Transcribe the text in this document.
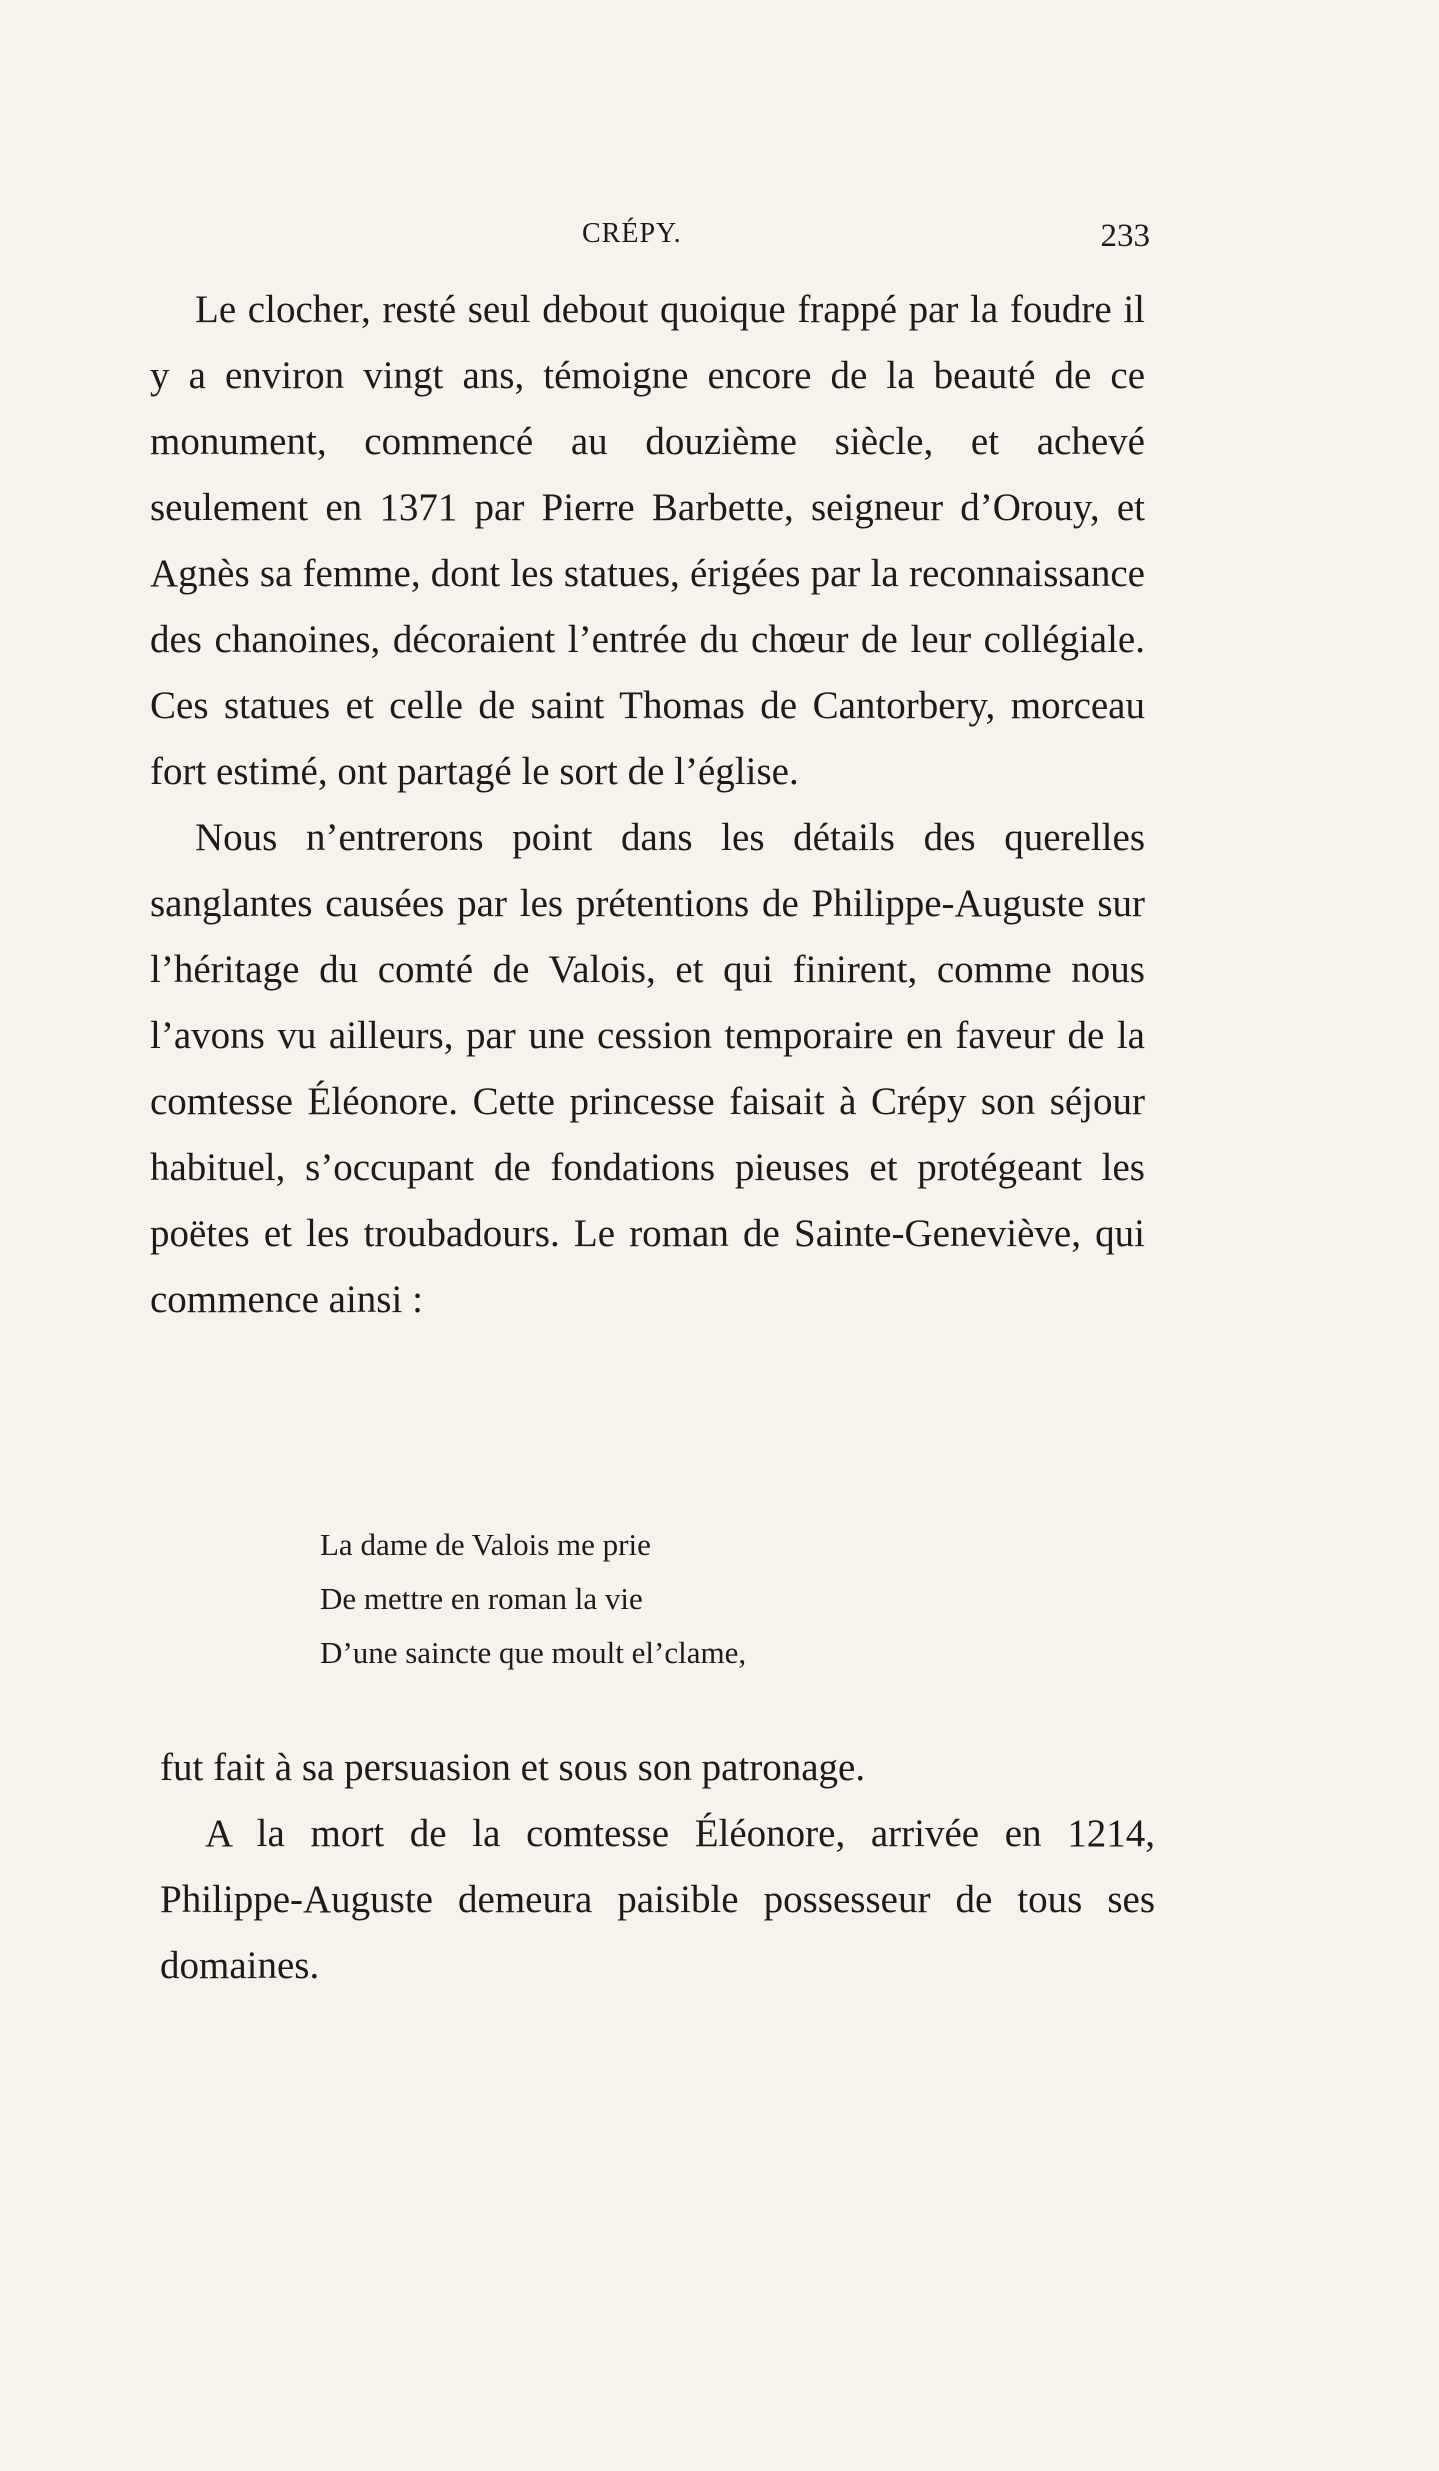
CRÉPY.	233

Le clocher, resté seul debout quoique frappé par la foudre il y a environ vingt ans, témoigne encore de la beauté de ce monument, commencé au douzième siècle, et achevé seulement en 1371 par Pierre Barbette, seigneur d’Orouy, et Agnès sa femme, dont les statues, érigées par la reconnaissance des chanoines, décoraient l’entrée du chœur de leur collégiale. Ces statues et celle de saint Thomas de Cantorbery, morceau fort estimé, ont partagé le sort de l’église.

Nous n’entrerons point dans les détails des querelles sanglantes causées par les prétentions de Philippe-Auguste sur l’héritage du comté de Valois, et qui finirent, comme nous l’avons vu ailleurs, par une cession temporaire en faveur de la comtesse Éléonore. Cette princesse faisait à Crépy son séjour habituel, s’occupant de fondations pieuses et protégeant les poëtes et les troubadours. Le roman de Sainte-Geneviève, qui commence ainsi :

La dame de Valois me prie
De mettre en roman la vie
D’une saincte que moult el’clame,

fut fait à sa persuasion et sous son patronage.

A la mort de la comtesse Éléonore, arrivée en 1214, Philippe-Auguste demeura paisible possesseur de tous ses domaines.
